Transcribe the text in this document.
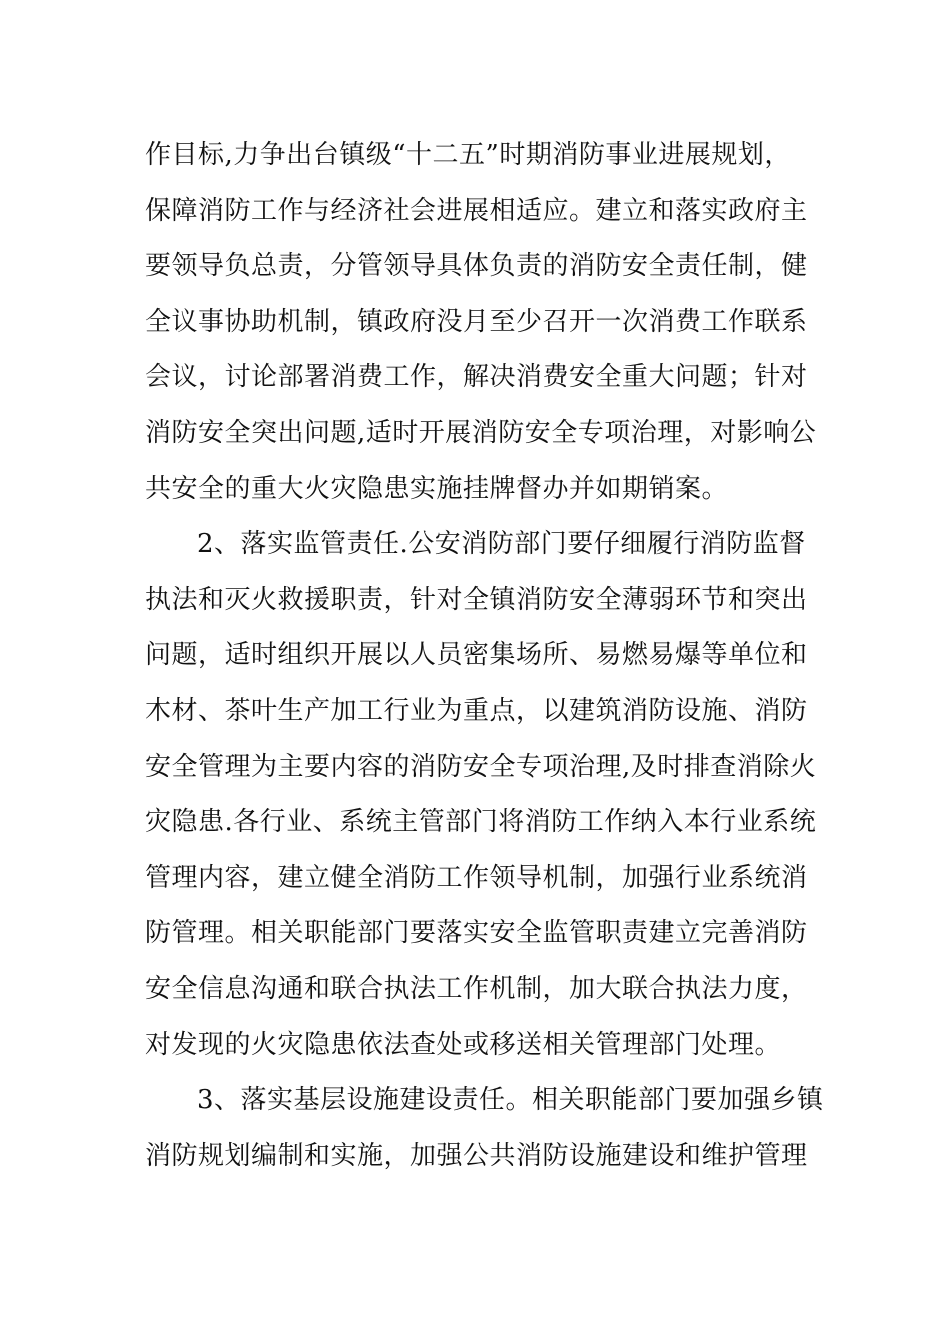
作目标,力争出台镇级“十二五”时期消防事业进展规划，
保障消防工作与经济社会进展相适应。建立和落实政府主
要领导负总责，分管领导具体负责的消防安全责任制，健
全议事协助机制，镇政府没月至少召开一次消费工作联系
会议，讨论部署消费工作，解决消费安全重大问题；针对
消防安全突出问题,适时开展消防安全专项治理，对影响公
共安全的重大火灾隐患实施挂牌督办并如期销案。
2、落实监管责任.公安消防部门要仔细履行消防监督
执法和灭火救援职责，针对全镇消防安全薄弱环节和突出
问题，适时组织开展以人员密集场所、易燃易爆等单位和
木材、茶叶生产加工行业为重点，以建筑消防设施、消防
安全管理为主要内容的消防安全专项治理,及时排查消除火
灾隐患.各行业、系统主管部门将消防工作纳入本行业系统
管理内容，建立健全消防工作领导机制，加强行业系统消
防管理。相关职能部门要落实安全监管职责建立完善消防
安全信息沟通和联合执法工作机制，加大联合执法力度，
对发现的火灾隐患依法查处或移送相关管理部门处理。
3、落实基层设施建设责任。相关职能部门要加强乡镇
消防规划编制和实施，加强公共消防设施建设和维护管理
